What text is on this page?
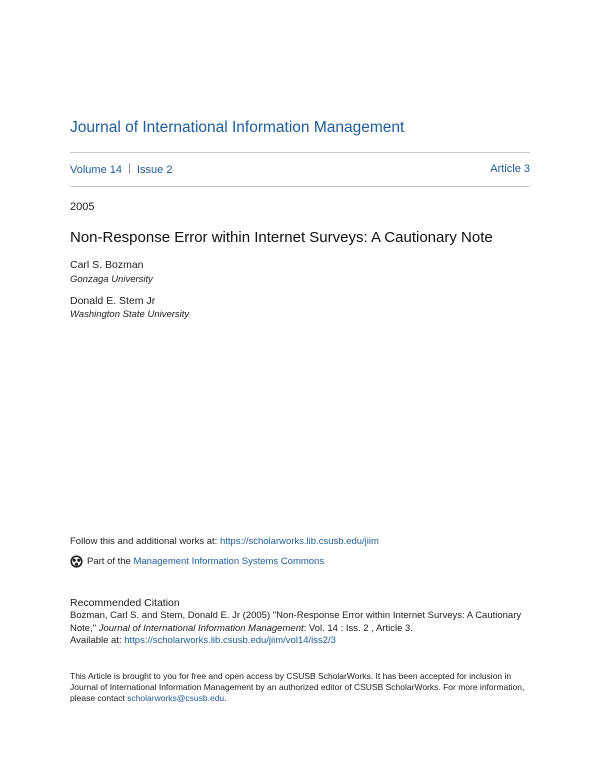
Journal of International Information Management
Volume 14 Issue 2	Article 3
2005
Non-Response Error within Internet Surveys: A Cautionary Note
Carl S. Bozman
Gonzaga University
Donald E. Stem Jr
Washington State University
Follow this and additional works at: https://scholarworks.lib.csusb.edu/jiim
Part of the
Management Information Systems Commons
Recommended Citation
Bozman, Carl S. and Stem, Donald E. Jr (2005) "Non-Response Error within Internet Surveys: A Cautionary Note," Journal of International Information Management: Vol. 14 : Iss. 2 , Article 3.
Available at: https://scholarworks.lib.csusb.edu/jiim/vol14/iss2/3
This Article is brought to you for free and open access by CSUSB ScholarWorks. It has been accepted for inclusion in Journal of International Information Management by an authorized editor of CSUSB ScholarWorks. For more information, please contact scholarworks@csusb.edu.
